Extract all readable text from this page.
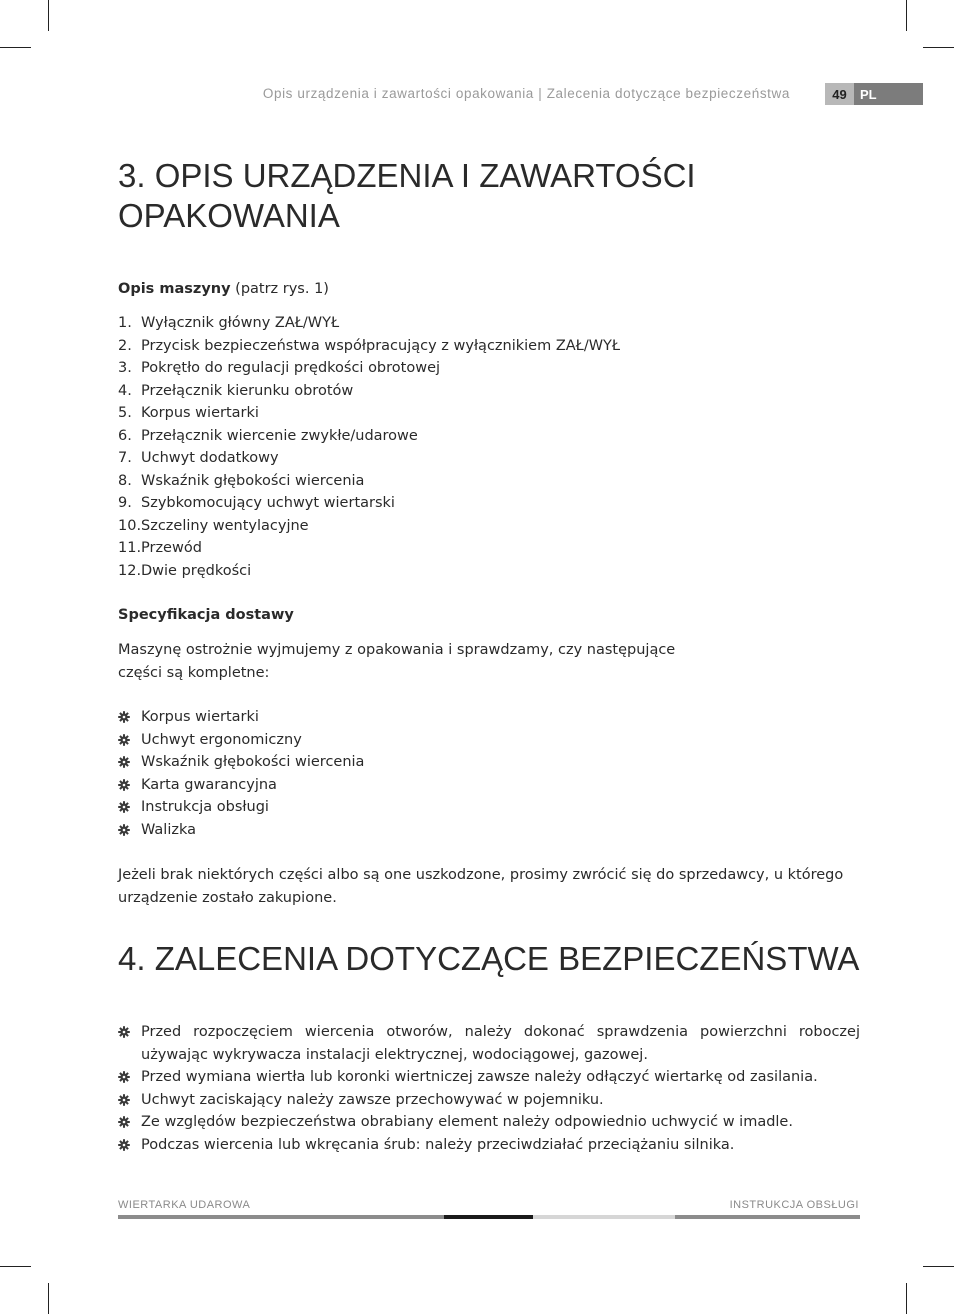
Opis urządzenia i zawartości opakowania | Zalecenia dotyczące bezpieczeństwa	49	PL
3. OPIS URZĄDZENIA I ZAWARTOŚCI OPAKOWANIA
Opis maszyny (patrz rys. 1)
1. Wyłącznik główny ZAŁ/WYŁ
2. Przycisk bezpieczeństwa współpracujący z wyłącznikiem ZAŁ/WYŁ
3. Pokrętło do regulacji prędkości obrotowej
4. Przełącznik kierunku obrotów
5. Korpus wiertarki
6. Przełącznik wiercenie zwykłe/udarowe
7. Uchwyt dodatkowy
8. Wskaźnik głębokości wiercenia
9. Szybkomocujący uchwyt wiertarski
10. Szczeliny wentylacyjne
11. Przewód
12. Dwie prędkości
Specyfikacja dostawy
Maszynę ostrożnie wyjmujemy z opakowania i sprawdzamy, czy następujące części są kompletne:
Korpus wiertarki
Uchwyt ergonomiczny
Wskaźnik głębokości wiercenia
Karta gwarancyjna
Instrukcja obsługi
Walizka
Jeżeli brak niektórych części albo są one uszkodzone, prosimy zwrócić się do sprzedawcy, u którego urządzenie zostało zakupione.
4. ZALECENIA DOTYCZĄCE BEZPIECZEŃSTWA
Przed rozpoczęciem wiercenia otworów, należy dokonać sprawdzenia powierzchni roboczej używając wykrywacza instalacji elektrycznej, wodociągowej, gazowej.
Przed wymiana wiertła lub koronki wiertniczej zawsze należy odłączyć wiertarkę od zasilania.
Uchwyt zaciskający należy zawsze przechowywać w pojemniku.
Ze względów bezpieczeństwa obrabiany element należy odpowiednio uchwycić w imadle.
Podczas wiercenia lub wkręcania śrub: należy przeciwdziałać przeciążaniu silnika.
WIERTARKA UDAROWA	INSTRUKCJA OBSŁUGI
